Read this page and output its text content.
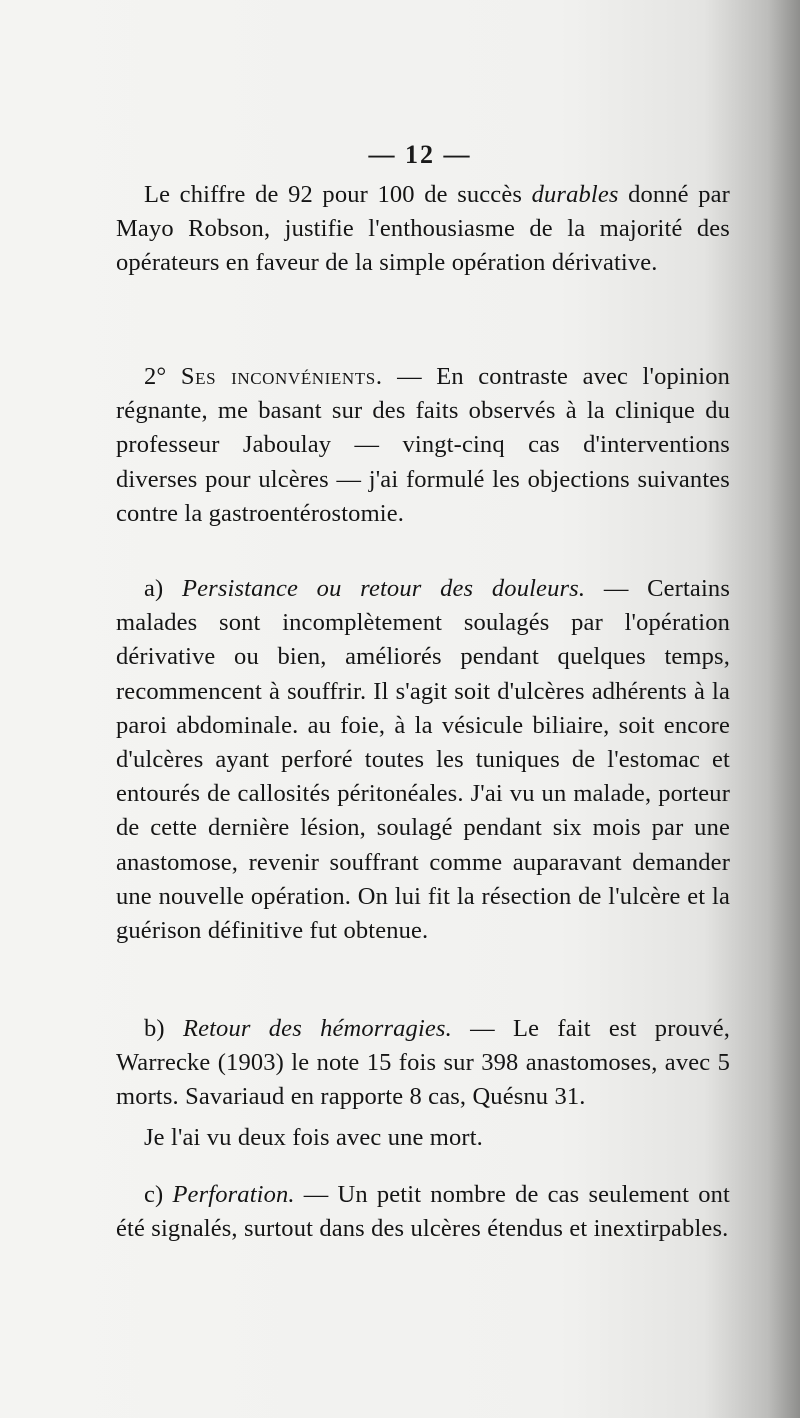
— 12 —
Le chiffre de 92 pour 100 de succès durables donné par Mayo Robson, justifie l'enthousiasme de la majorité des opérateurs en faveur de la simple opération dérivative.
2° Ses inconvénients. — En contraste avec l'opinion régnante, me basant sur des faits observés à la clinique du professeur Jaboulay — vingt-cinq cas d'interventions diverses pour ulcères — j'ai formulé les objections suivantes contre la gastroentérostomie.
a) Persistance ou retour des douleurs. — Certains malades sont incomplètement soulagés par l'opération dérivative ou bien, améliorés pendant quelques temps, recommencent à souffrir. Il s'agit soit d'ulcères adhérents à la paroi abdominale. au foie, à la vésicule biliaire, soit encore d'ulcères ayant perforé toutes les tuniques de l'estomac et entourés de callosités péritonéales. J'ai vu un malade, porteur de cette dernière lésion, soulagé pendant six mois par une anastomose, revenir souffrant comme auparavant demander une nouvelle opération. On lui fit la résection de l'ulcère et la guérison définitive fut obtenue.
b) Retour des hémorragies. — Le fait est prouvé, Warrecke (1903) le note 15 fois sur 398 anastomoses, avec 5 morts. Savariaud en rapporte 8 cas, Quésnu 31.
Je l'ai vu deux fois avec une mort.
c) Perforation. — Un petit nombre de cas seulement ont été signalés, surtout dans des ulcères étendus et inextirpables.
